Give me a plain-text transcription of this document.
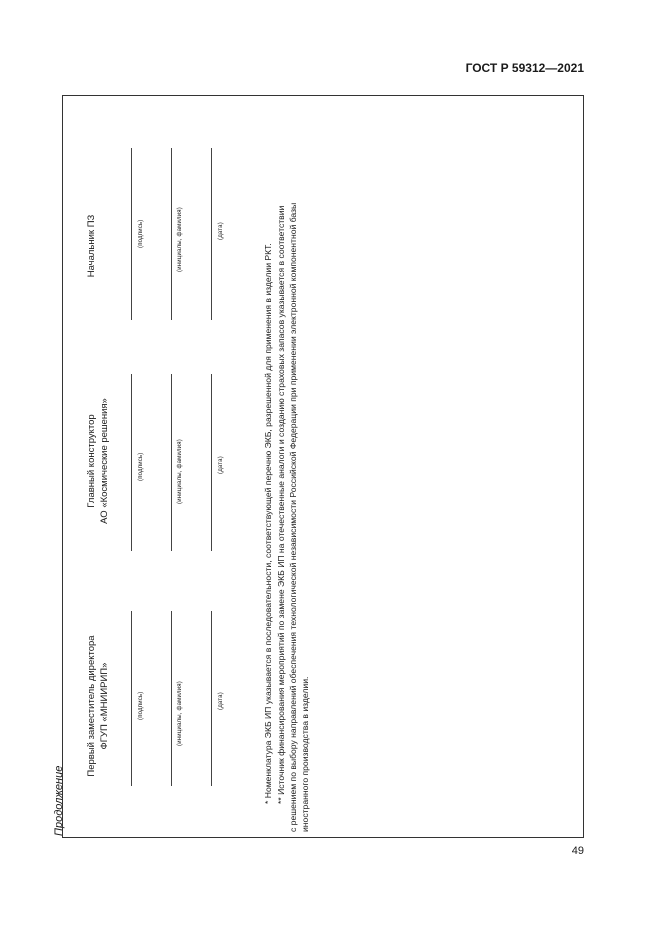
ГОСТ Р 59312—2021
Продолжение
Первый заместитель директора ФГУП «МНИИРИП»	(подпись)	(инициалы, фамилия)	(дата)
Главный конструктор АО «Космические решения»	(подпись)	(инициалы, фамилия)	(дата)
Начальник ПЗ	(подпись)	(инициалы, фамилия)	(дата)
* Номенклатура ЭКБ ИП указывается в последовательности, соответствующей перечню ЭКБ, разрешенной для применения в изделии РКТ. ** Источник финансирования мероприятий по замене ЭКБ ИП на отечественные аналоги и созданию страховых запасов указывается в соответствии с решением по выбору направлений обеспечения технологической независимости Российской Федерации при применении электронной компонентной базы иностранного производства в изделии.
49
